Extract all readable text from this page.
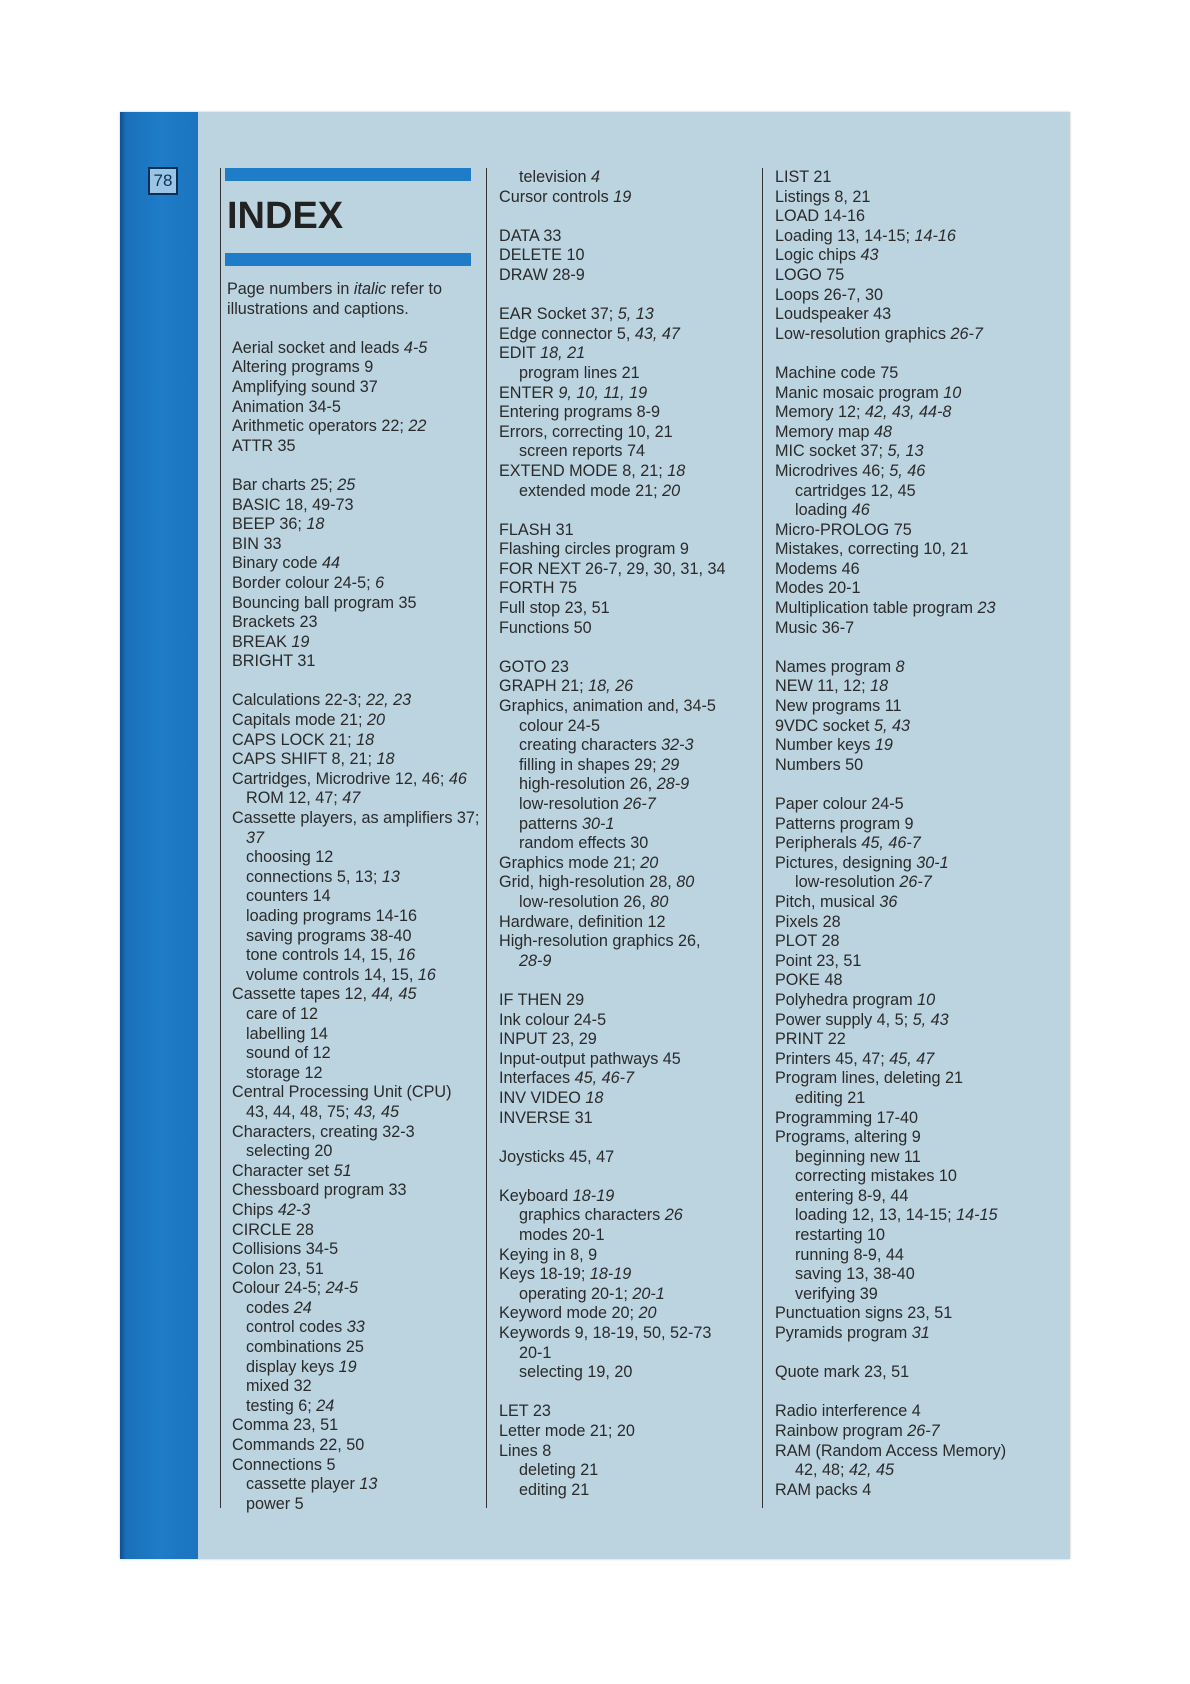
78
INDEX
Page numbers in italic refer to illustrations and captions.
Aerial socket and leads 4-5
Altering programs 9
Amplifying sound 37
Animation 34-5
Arithmetic operators 22; 22
ATTR 35
Bar charts 25; 25
BASIC 18, 49-73
BEEP 36; 18
BIN 33
Binary code 44
Border colour 24-5; 6
Bouncing ball program 35
Brackets 23
BREAK 19
BRIGHT 31
Calculations 22-3; 22, 23
Capitals mode 21; 20
CAPS LOCK 21; 18
CAPS SHIFT 8, 21; 18
Cartridges, Microdrive 12, 46; 46
ROM 12, 47; 47
Cassette players, as amplifiers 37;
37
choosing 12
connections 5, 13; 13
counters 14
loading programs 14-16
saving programs 38-40
tone controls 14, 15, 16
volume controls 14, 15, 16
Cassette tapes 12, 44, 45
care of 12
labelling 14
sound of 12
storage 12
Central Processing Unit (CPU)
43, 44, 48, 75; 43, 45
Characters, creating 32-3
selecting 20
Character set 51
Chessboard program 33
Chips 42-3
CIRCLE 28
Collisions 34-5
Colon 23, 51
Colour 24-5; 24-5
codes 24
control codes 33
combinations 25
display keys 19
mixed 32
testing 6; 24
Comma 23, 51
Commands 22, 50
Connections 5
cassette player 13
power 5
television 4
Cursor controls 19
DATA 33
DELETE 10
DRAW 28-9
EAR Socket 37; 5, 13
Edge connector 5, 43, 47
EDIT 18, 21
program lines 21
ENTER 9, 10, 11, 19
Entering programs 8-9
Errors, correcting 10, 21
screen reports 74
EXTEND MODE 8, 21; 18
extended mode 21; 20
FLASH 31
Flashing circles program 9
FOR NEXT 26-7, 29, 30, 31, 34
FORTH 75
Full stop 23, 51
Functions 50
GOTO 23
GRAPH 21; 18, 26
Graphics, animation and, 34-5
colour 24-5
creating characters 32-3
filling in shapes 29; 29
high-resolution 26, 28-9
low-resolution 26-7
patterns 30-1
random effects 30
Graphics mode 21; 20
Grid, high-resolution 28, 80
low-resolution 26, 80
Hardware, definition 12
High-resolution graphics 26,
28-9
IF THEN 29
Ink colour 24-5
INPUT 23, 29
Input-output pathways 45
Interfaces 45, 46-7
INV VIDEO 18
INVERSE 31
Joysticks 45, 47
Keyboard 18-19
graphics characters 26
modes 20-1
Keying in 8, 9
Keys 18-19; 18-19
operating 20-1; 20-1
Keyword mode 20; 20
Keywords 9, 18-19, 50, 52-73
20-1
selecting 19, 20
LET 23
Letter mode 21; 20
Lines 8
deleting 21
editing 21
LIST 21
Listings 8, 21
LOAD 14-16
Loading 13, 14-15; 14-16
Logic chips 43
LOGO 75
Loops 26-7, 30
Loudspeaker 43
Low-resolution graphics 26-7
Machine code 75
Manic mosaic program 10
Memory 12; 42, 43, 44-8
Memory map 48
MIC socket 37; 5, 13
Microdrives 46; 5, 46
cartridges 12, 45
loading 46
Micro-PROLOG 75
Mistakes, correcting 10, 21
Modems 46
Modes 20-1
Multiplication table program 23
Music 36-7
Names program 8
NEW 11, 12; 18
New programs 11
9VDC socket 5, 43
Number keys 19
Numbers 50
Paper colour 24-5
Patterns program 9
Peripherals 45, 46-7
Pictures, designing 30-1
low-resolution 26-7
Pitch, musical 36
Pixels 28
PLOT 28
Point 23, 51
POKE 48
Polyhedra program 10
Power supply 4, 5; 5, 43
PRINT 22
Printers 45, 47; 45, 47
Program lines, deleting 21
editing 21
Programming 17-40
Programs, altering 9
beginning new 11
correcting mistakes 10
entering 8-9, 44
loading 12, 13, 14-15; 14-15
restarting 10
running 8-9, 44
saving 13, 38-40
verifying 39
Punctuation signs 23, 51
Pyramids program 31
Quote mark 23, 51
Radio interference 4
Rainbow program 26-7
RAM (Random Access Memory)
42, 48; 42, 45
RAM packs 4
